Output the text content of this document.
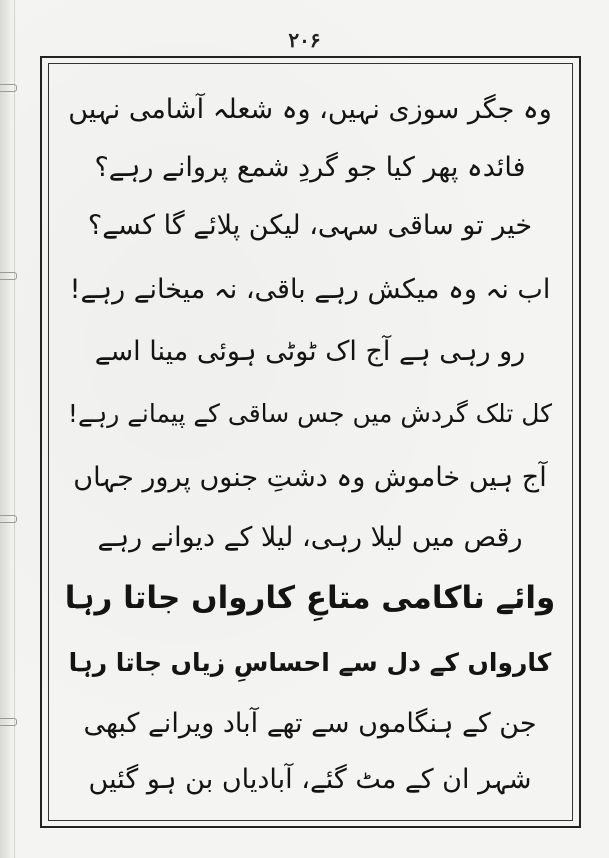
۲۰۶
وہ جگر سوزی نہیں، وہ شعلہ آشامی نہیں
فائدہ پھر کیا جو گردِ شمع پروانے رہے؟
خیر تو ساقی سہی، لیکن پلائے گا کسے؟
اب نہ وہ میکش رہے باقی، نہ میخانے رہے!
رو رہی ہے آج اک ٹوٹی ہوئی مینا اسے
کل تلک گردش میں جس ساقی کے پیمانے رہے!
آج ہیں خاموش وہ دشتِ جنوں پرور جہاں
رقص میں لیلا رہی، لیلا کے دیوانے رہے
وائے ناکامی متاعِ کارواں جاتا رہا
کارواں کے دل سے احساسِ زیاں جاتا رہا
جن کے ہنگاموں سے تھے آباد ویرانے کبھی
شہر ان کے مٹ گئے، آبادیاں بن ہو گئیں
